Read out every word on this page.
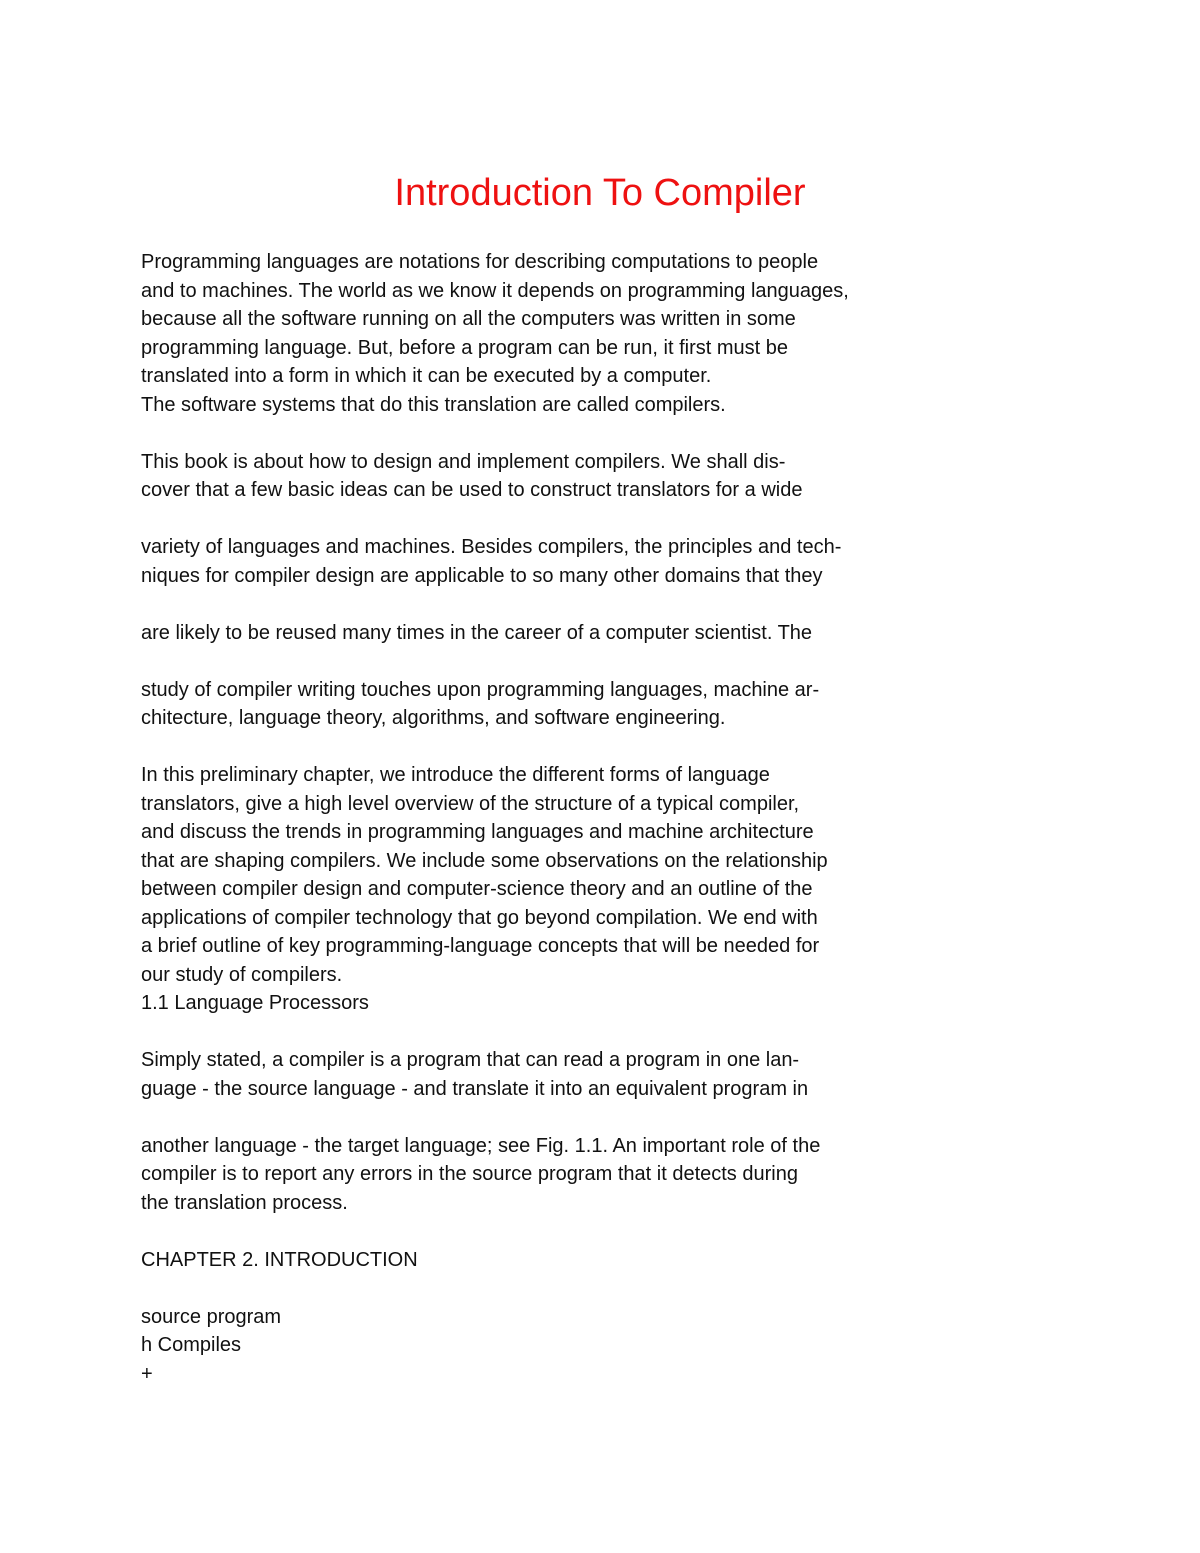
Introduction To Compiler
Programming languages are notations for describing computations to people
and to machines. The world as we know it depends on programming languages,
because all the software running on all the computers was written in some
programming language. But, before a program can be run, it first must be
translated into a form in which it can be executed by a computer.
The software systems that do this translation are called compilers.
This book is about how to design and implement compilers. We shall dis-
cover that a few basic ideas can be used to construct translators for a wide
variety of languages and machines. Besides compilers, the principles and tech-
niques for compiler design are applicable to so many other domains that they
are likely to be reused many times in the career of a computer scientist. The
study of compiler writing touches upon programming languages, machine ar-
chitecture, language theory, algorithms, and software engineering.
In this preliminary chapter, we introduce the different forms of language
translators, give a high level overview of the structure of a typical compiler,
and discuss the trends in programming languages and machine architecture
that are shaping compilers. We include some observations on the relationship
between compiler design and computer-science theory and an outline of the
applications of compiler technology that go beyond compilation. We end with
a brief outline of key programming-language concepts that will be needed for
our study of compilers.
1.1 Language Processors
Simply stated, a compiler is a program that can read a program in one lan-
guage - the source language - and translate it into an equivalent program in
another language - the target language; see Fig. 1.1. An important role of the
compiler is to report any errors in the source program that it detects during
the translation process.
CHAPTER 2. INTRODUCTION
source program
h Compiles
+
